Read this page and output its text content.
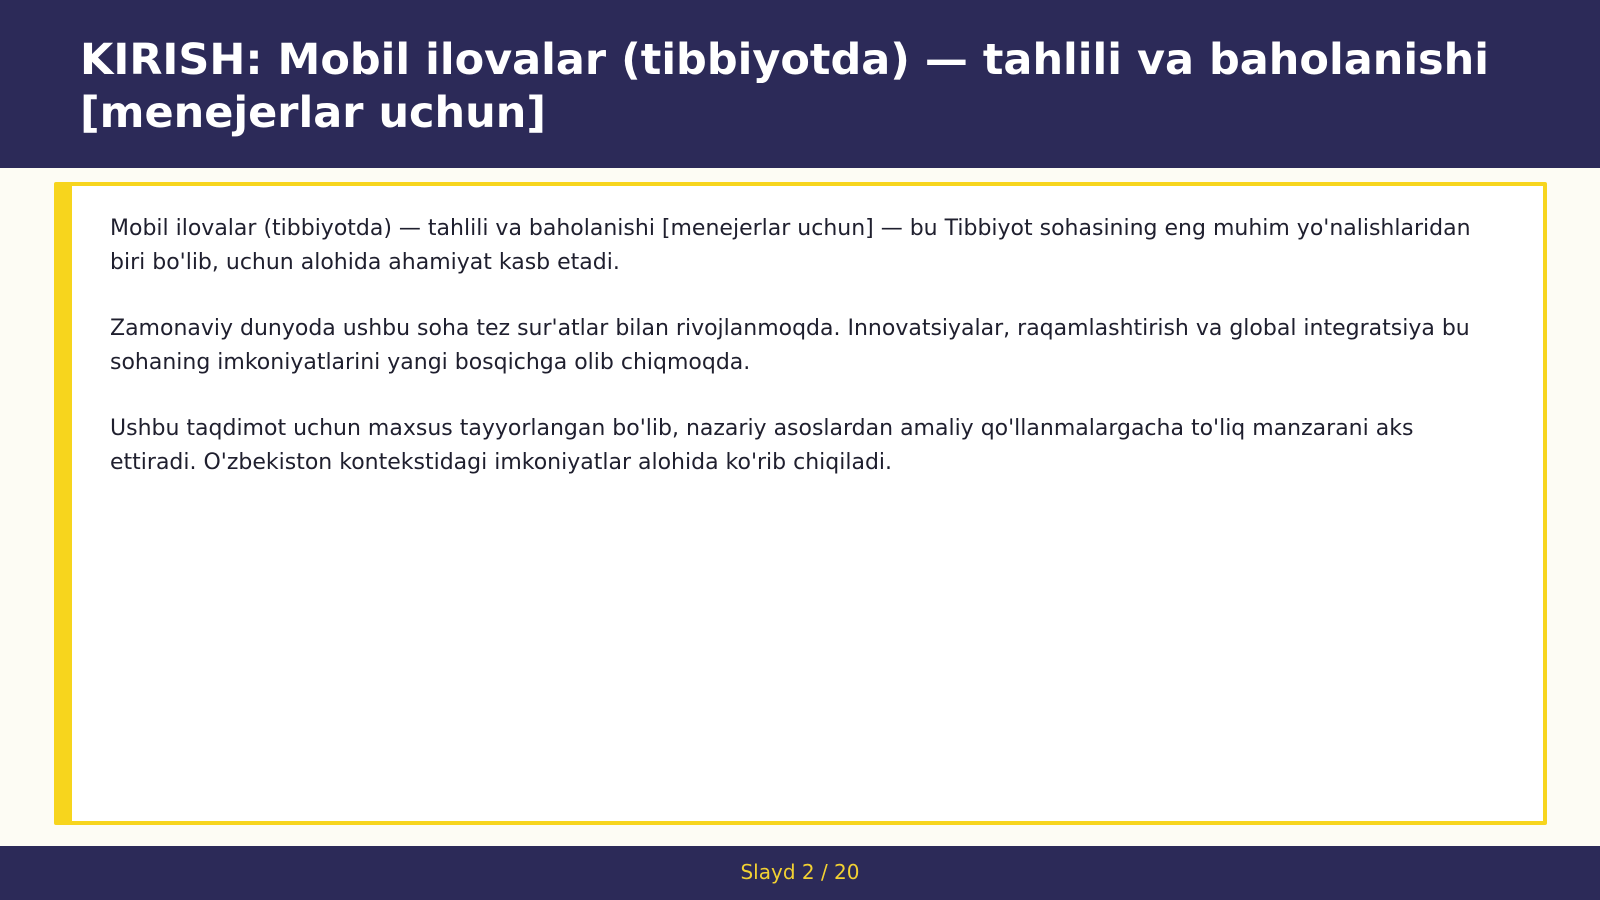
KIRISH: Mobil ilovalar (tibbiyotda) — tahlili va baholanishi [menejerlar uchun]

Mobil ilovalar (tibbiyotda) — tahlili va baholanishi [menejerlar uchun] — bu Tibbiyot sohasining eng muhim yo'nalishlaridan biri bo'lib, uchun alohida ahamiyat kasb etadi.

Zamonaviy dunyoda ushbu soha tez sur'atlar bilan rivojlanmoqda. Innovatsiyalar, raqamlashtirish va global integratsiya bu sohaning imkoniyatlarini yangi bosqichga olib chiqmoqda.

Ushbu taqdimot uchun maxsus tayyorlangan bo'lib, nazariy asoslardan amaliy qo'llanmalargacha to'liq manzarani aks ettiradi. O'zbekiston kontekstidagi imkoniyatlar alohida ko'rib chiqiladi.

Slayd 2 / 20
